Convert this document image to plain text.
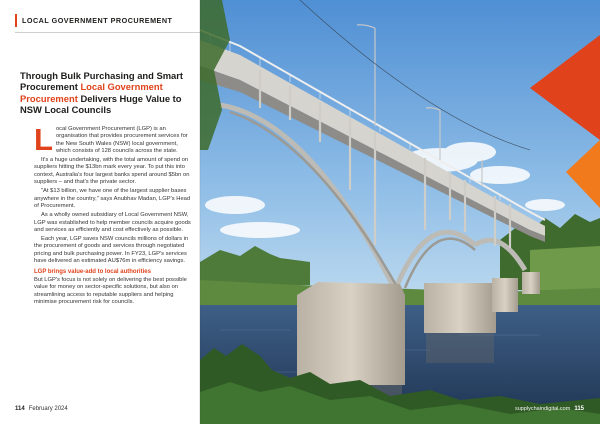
LOCAL GOVERNMENT PROCUREMENT
Through Bulk Purchasing and Smart Procurement Local Government Procurement Delivers Huge Value to NSW Local Councils

Local Government Procurement (LGP) is an organisation that provides procurement services for the New South Wales (NSW) local government, which consists of 128 councils across the state.

It's a huge undertaking, with the total amount of spend on suppliers hitting the $13bn mark every year. To put this into context, Australia's four largest banks spend around $5bn on suppliers – and that's the private sector.

"At $13 billion, we have one of the largest supplier bases anywhere in the country," says Anubhav Madan, LGP's Head of Procurement.

As a wholly owned subsidiary of Local Government NSW, LGP was established to help member councils acquire goods and services as efficiently and cost effectively as possible.

Each year, LGP saves NSW councils millions of dollars in the procurement of goods and services through negotiated pricing and bulk purchasing power. In FY23, LGP's services have delivered an estimated AU$76m in efficiency savings.

LGP brings value-add to local authorities

But LGP's focus is not solely on delivering the best possible value for money on sector-specific solutions, but also on streamlining access to reputable suppliers and helping minimise procurement risk for councils.

114 February 2024	supplychaindigital.com 115
